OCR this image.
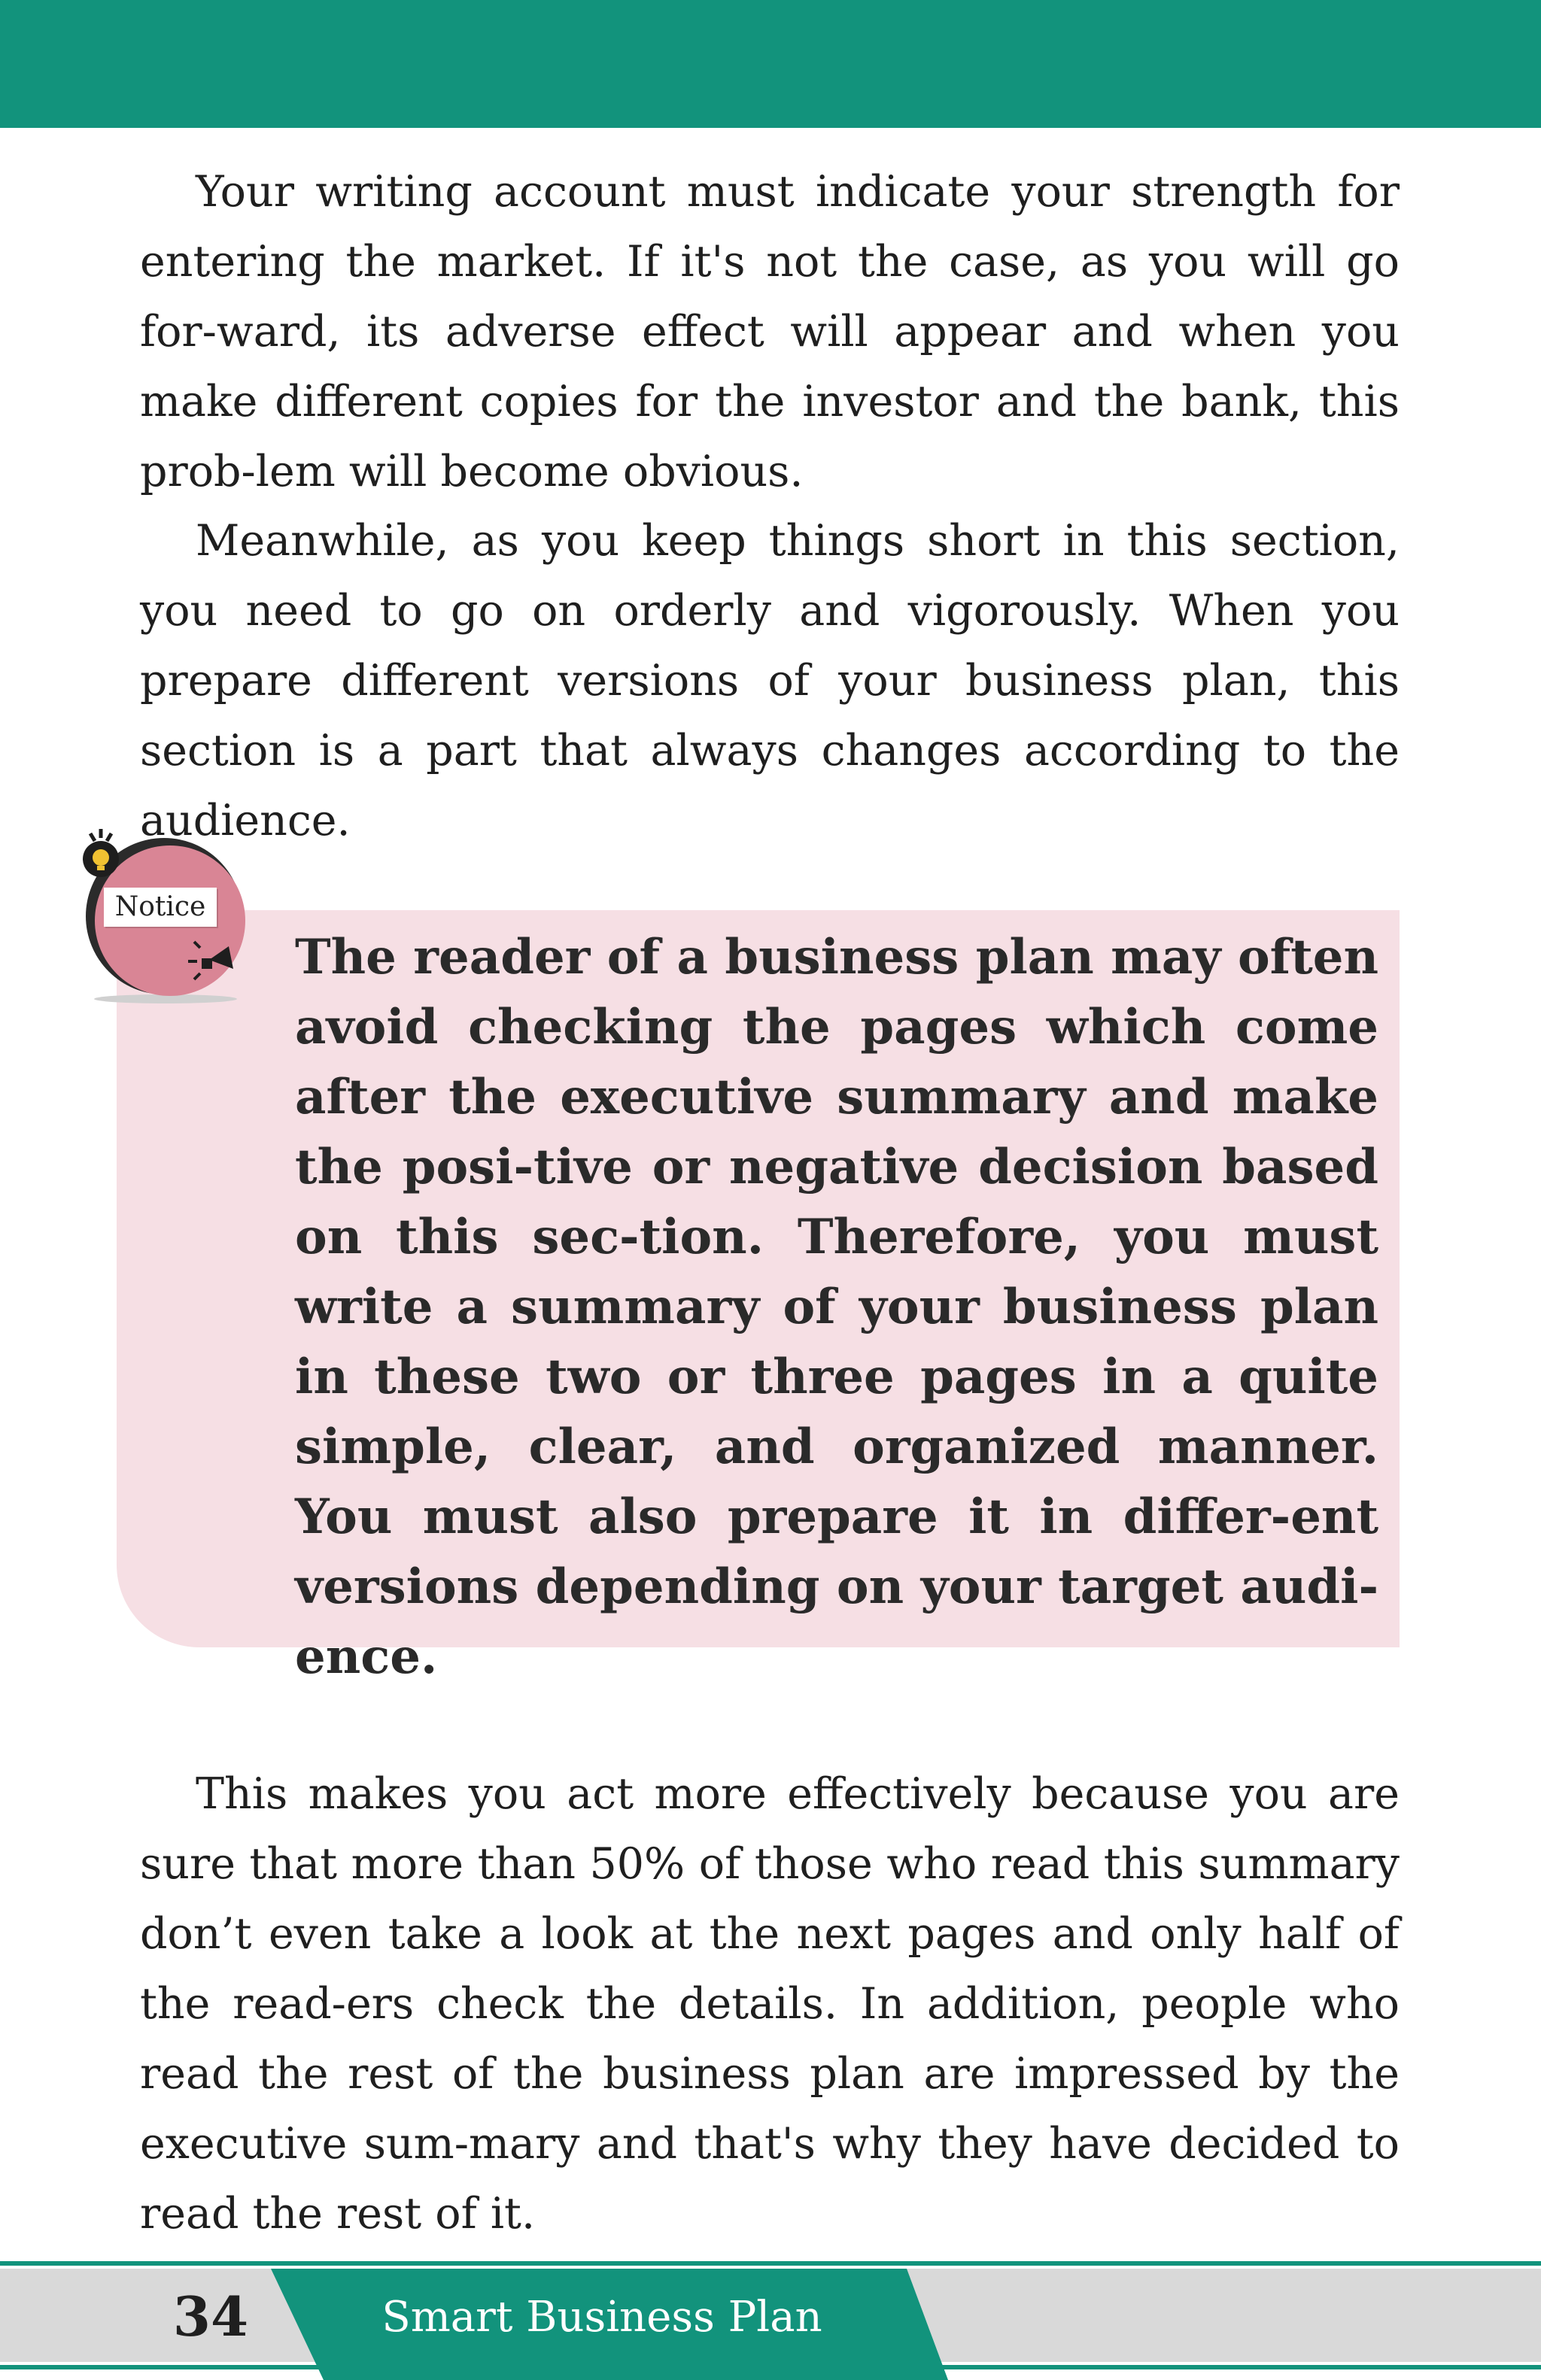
Your writing account must indicate your strength for entering the market. If it's not the case, as you will go for-ward, its adverse effect will appear and when you make different copies for the investor and the bank, this prob-lem will become obvious.

Meanwhile, as you keep things short in this section, you need to go on orderly and vigorously. When you prepare different versions of your business plan, this section is a part that always changes according to the audience.

Notice

The reader of a business plan may often avoid checking the pages which come after the executive summary and make the posi-tive or negative decision based on this sec-tion. Therefore, you must write a summary of your business plan in these two or three pages in a quite simple, clear, and organized manner. You must also prepare it in differ-ent versions depending on your target audi-ence.

This makes you act more effectively because you are sure that more than 50% of those who read this summary don’t even take a look at the next pages and only half of the read-ers check the details. In addition, people who read the rest of the business plan are impressed by the executive sum-mary and that's why they have decided to read the rest of it.

34	Smart Business Plan
